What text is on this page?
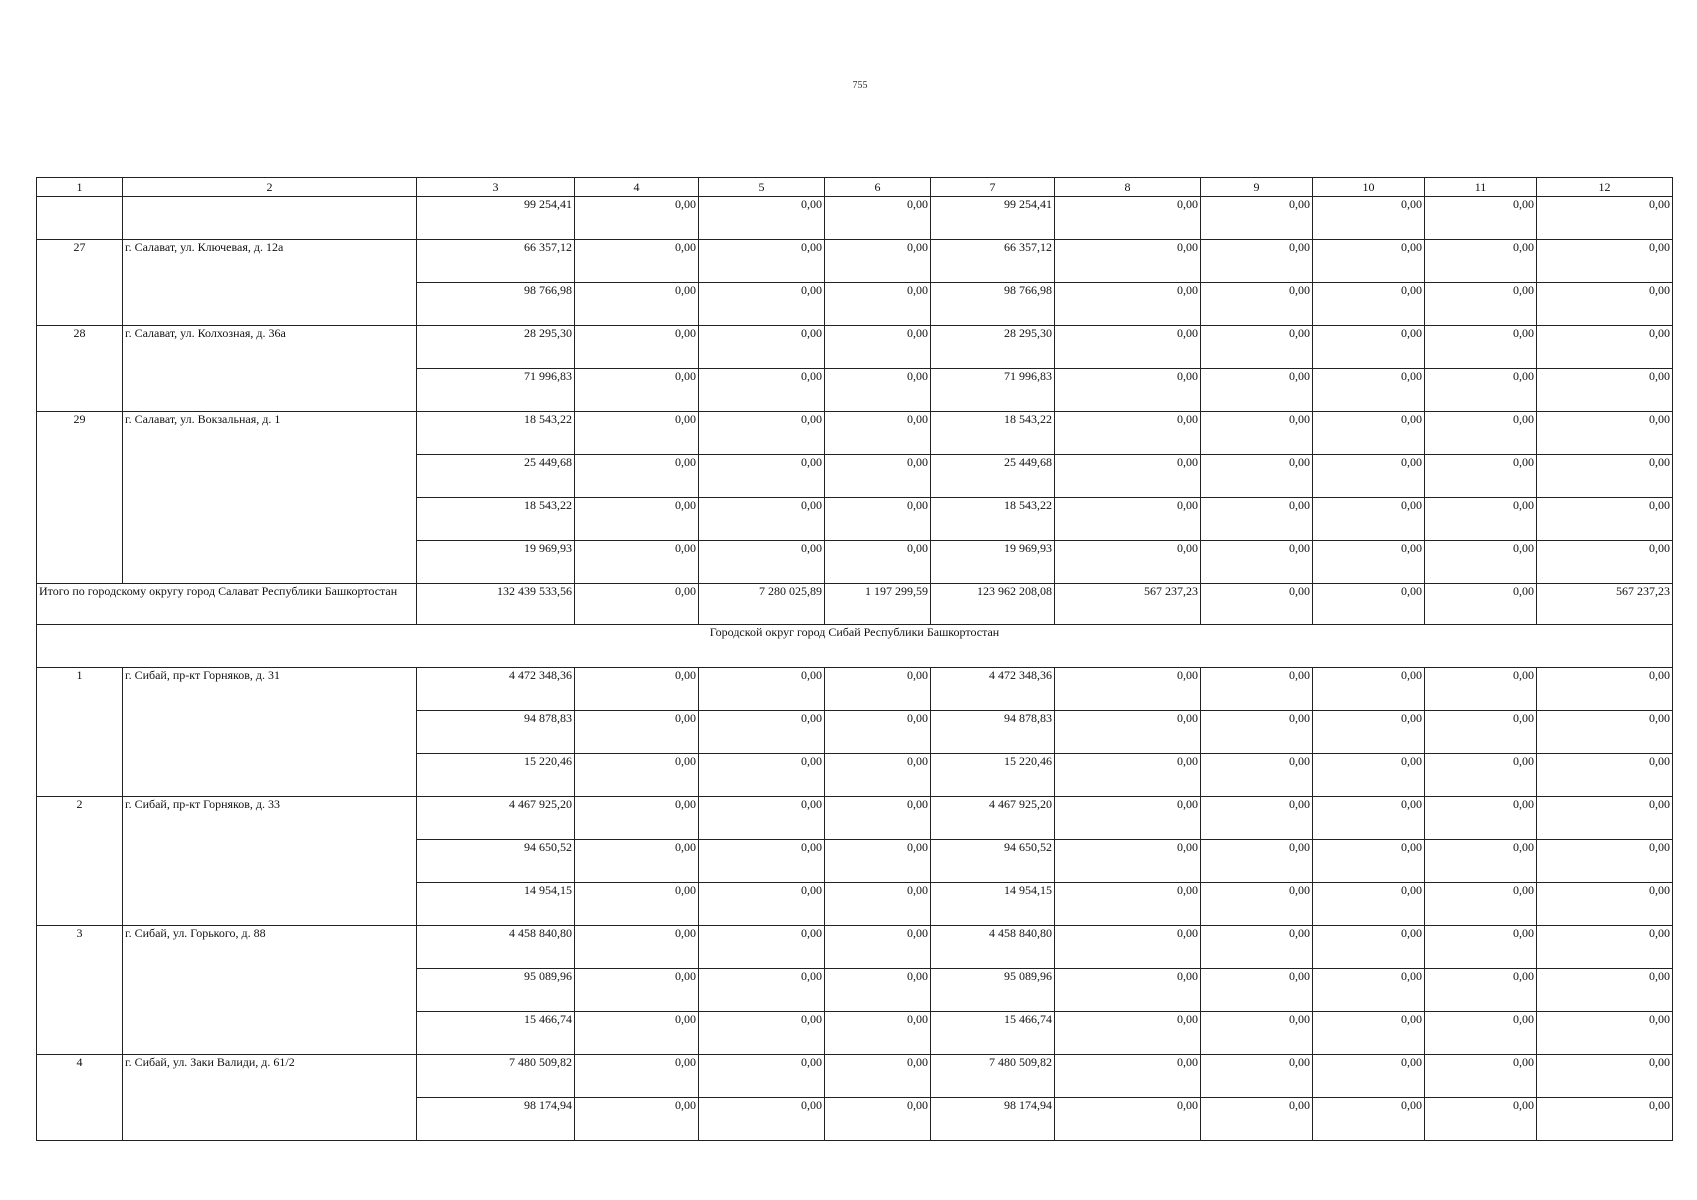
755
1	2	3	4	5	6	7	8	9	10	11	12
		99 254,41	0,00	0,00	0,00	99 254,41	0,00	0,00	0,00	0,00	0,00
27	г. Салават, ул. Ключевая, д. 12а	66 357,12	0,00	0,00	0,00	66 357,12	0,00	0,00	0,00	0,00	0,00
		98 766,98	0,00	0,00	0,00	98 766,98	0,00	0,00	0,00	0,00	0,00
28	г. Салават, ул. Колхозная, д. 36а	28 295,30	0,00	0,00	0,00	28 295,30	0,00	0,00	0,00	0,00	0,00
		71 996,83	0,00	0,00	0,00	71 996,83	0,00	0,00	0,00	0,00	0,00
29	г. Салават, ул. Вокзальная, д. 1	18 543,22	0,00	0,00	0,00	18 543,22	0,00	0,00	0,00	0,00	0,00
		25 449,68	0,00	0,00	0,00	25 449,68	0,00	0,00	0,00	0,00	0,00
		18 543,22	0,00	0,00	0,00	18 543,22	0,00	0,00	0,00	0,00	0,00
		19 969,93	0,00	0,00	0,00	19 969,93	0,00	0,00	0,00	0,00	0,00
Итого по городскому округу город Салават Республики Башкортостан		132 439 533,56	0,00	7 280 025,89	1 197 299,59	123 962 208,08	567 237,23	0,00	0,00	0,00	567 237,23
Городской округ город Сибай Республики Башкортостан											
1	г. Сибай, пр-кт Горняков, д. 31	4 472 348,36	0,00	0,00	0,00	4 472 348,36	0,00	0,00	0,00	0,00	0,00
		94 878,83	0,00	0,00	0,00	94 878,83	0,00	0,00	0,00	0,00	0,00
		15 220,46	0,00	0,00	0,00	15 220,46	0,00	0,00	0,00	0,00	0,00
2	г. Сибай, пр-кт Горняков, д. 33	4 467 925,20	0,00	0,00	0,00	4 467 925,20	0,00	0,00	0,00	0,00	0,00
		94 650,52	0,00	0,00	0,00	94 650,52	0,00	0,00	0,00	0,00	0,00
		14 954,15	0,00	0,00	0,00	14 954,15	0,00	0,00	0,00	0,00	0,00
3	г. Сибай, ул. Горького, д. 88	4 458 840,80	0,00	0,00	0,00	4 458 840,80	0,00	0,00	0,00	0,00	0,00
		95 089,96	0,00	0,00	0,00	95 089,96	0,00	0,00	0,00	0,00	0,00
		15 466,74	0,00	0,00	0,00	15 466,74	0,00	0,00	0,00	0,00	0,00
4	г. Сибай, ул. Заки Валиди, д. 61/2	7 480 509,82	0,00	0,00	0,00	7 480 509,82	0,00	0,00	0,00	0,00	0,00
		98 174,94	0,00	0,00	0,00	98 174,94	0,00	0,00	0,00	0,00	0,00
